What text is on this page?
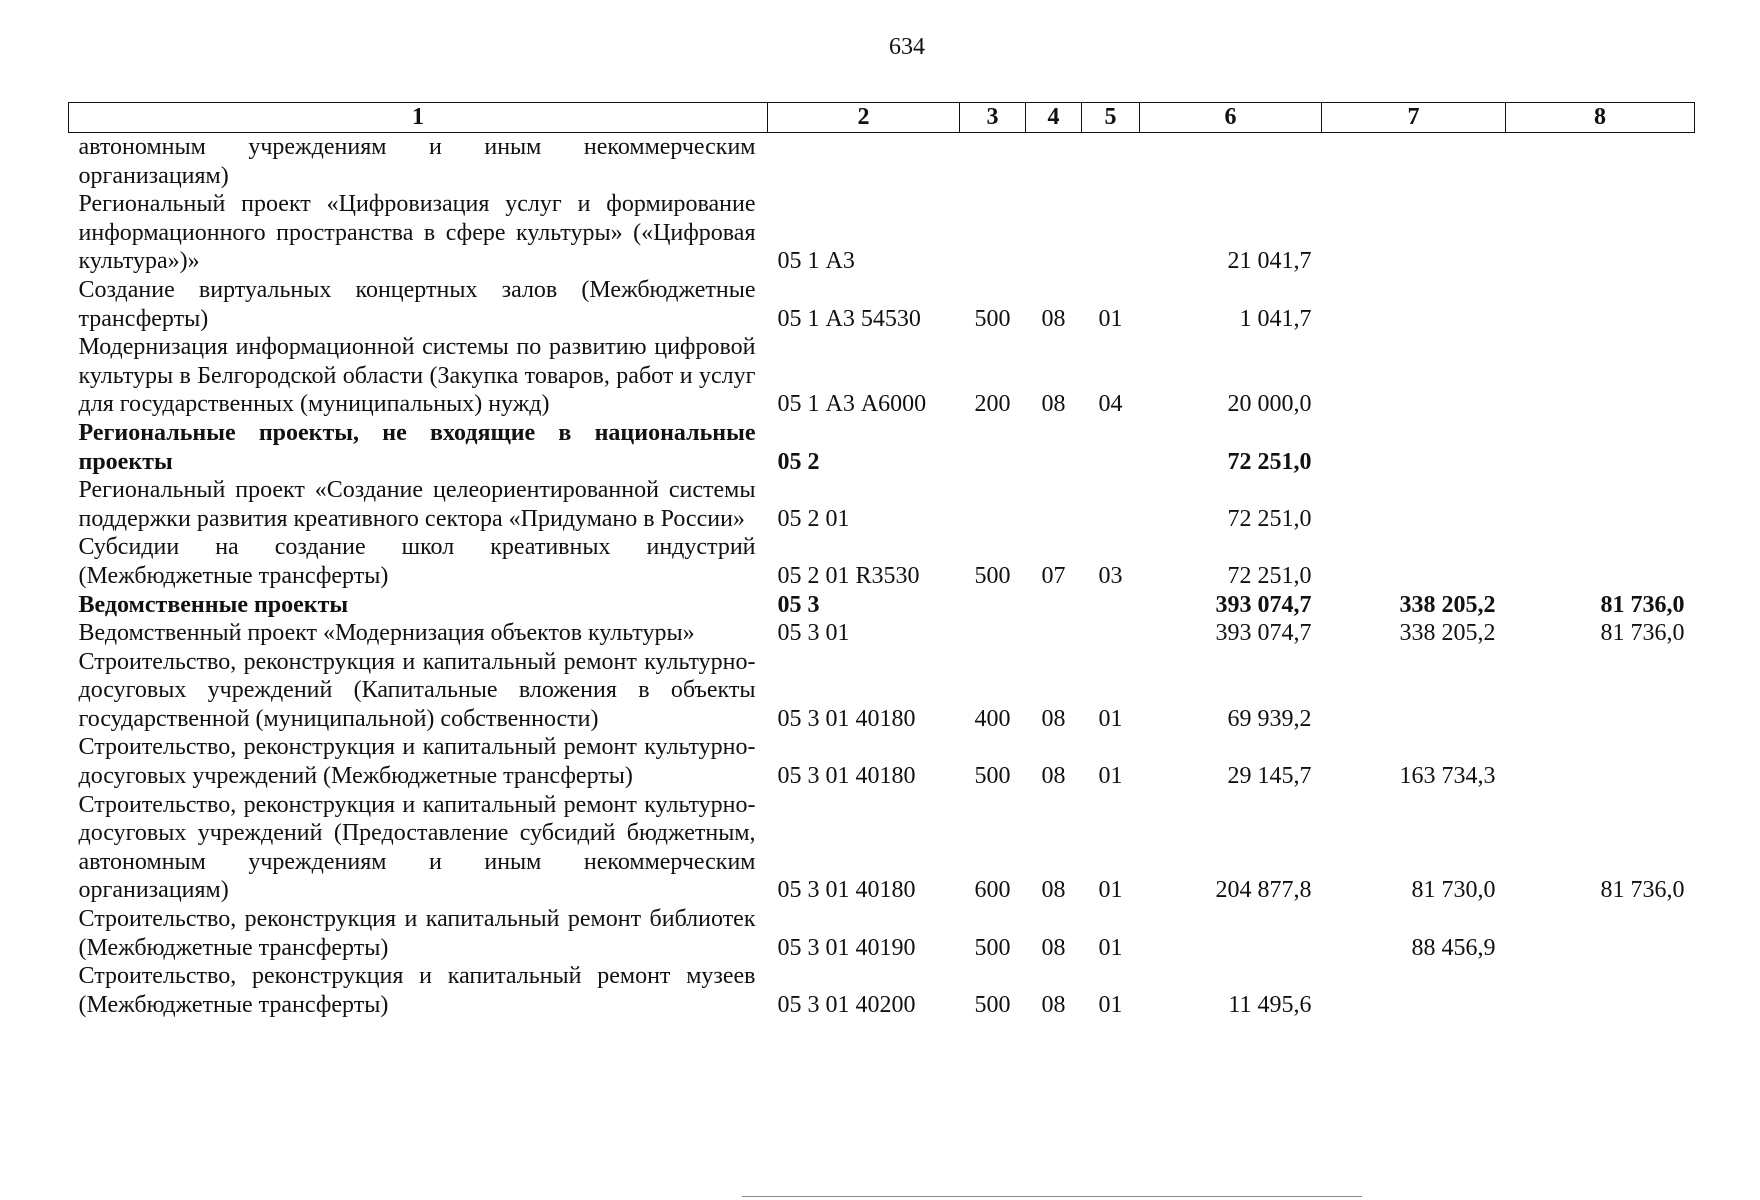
634
1	2	3	4	5	6	7	8
автономным учреждениям и иным некоммерческим организациям)							
Региональный проект «Цифровизация услуг и формирование информационного пространства в сфере культуры» («Цифровая культура»)»	05 1 А3				21 041,7		
Создание виртуальных концертных залов (Межбюджетные трансферты)	05 1 А3 54530	500	08	01	1 041,7		
Модернизация информационной системы по развитию цифровой культуры в Белгородской области (Закупка товаров, работ и услуг для государственных (муниципальных) нужд)	05 1 А3 А6000	200	08	04	20 000,0		
Региональные проекты, не входящие в национальные проекты	05 2				72 251,0		
Региональный проект «Создание целеориентированной системы поддержки развития креативного сектора «Придумано в России»	05 2 01				72 251,0		
Субсидии на создание школ креативных индустрий (Межбюджетные трансферты)	05 2 01 R3530	500	07	03	72 251,0		
Ведомственные проекты	05 3				393 074,7	338 205,2	81 736,0
Ведомственный проект «Модернизация объектов культуры»	05 3 01				393 074,7	338 205,2	81 736,0
Строительство, реконструкция и капитальный ремонт культурно-досуговых учреждений (Капитальные вложения в объекты государственной (муниципальной) собственности)	05 3 01 40180	400	08	01	69 939,2		
Строительство, реконструкция и капитальный ремонт культурно-досуговых учреждений (Межбюджетные трансферты)	05 3 01 40180	500	08	01	29 145,7	163 734,3	
Строительство, реконструкция и капитальный ремонт культурно-досуговых учреждений (Предоставление субсидий бюджетным, автономным учреждениям и иным некоммерческим организациям)	05 3 01 40180	600	08	01	204 877,8	81 730,0	81 736,0
Строительство, реконструкция и капитальный ремонт библиотек (Межбюджетные трансферты)	05 3 01 40190	500	08	01		88 456,9	
Строительство, реконструкция и капитальный ремонт музеев (Межбюджетные трансферты)	05 3 01 40200	500	08	01	11 495,6		
